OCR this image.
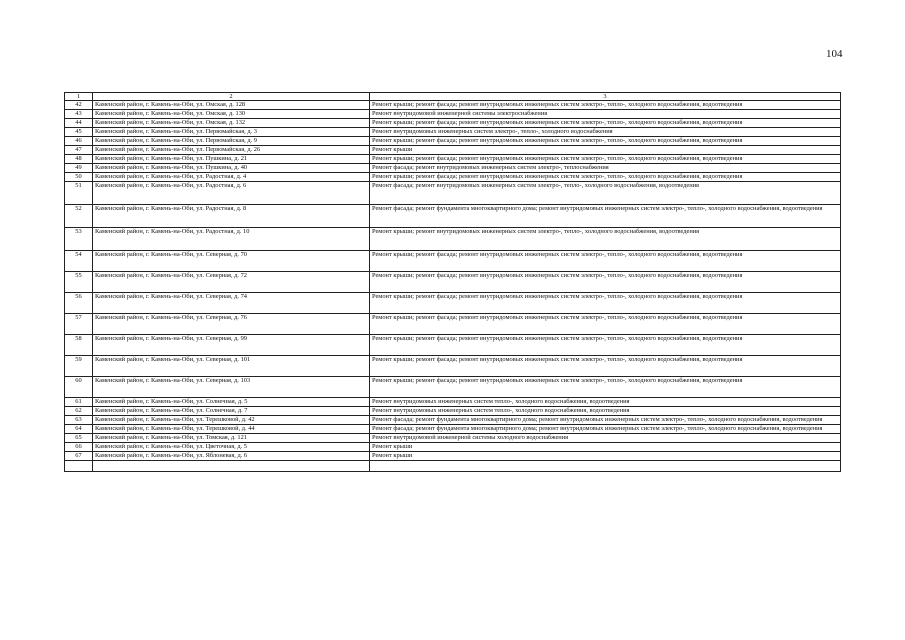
104
1	2	3
42	Каменский район, г. Камень-на-Оби, ул. Омская, д. 128	Ремонт крыши; ремонт фасада; ремонт внутридомовых инженерных систем электро-, тепло-, холодного водоснабжения, водоотведения
43	Каменский район, г. Камень-на-Оби, ул. Омская, д. 130	Ремонт внутридомовой инженерной системы электроснабжения
44	Каменский район, г. Камень-на-Оби, ул. Омская, д. 132	Ремонт крыши; ремонт фасада; ремонт внутридомовых инженерных систем электро-, тепло-, холодного водоснабжения, водоотведения
45	Каменский район, г. Камень-на-Оби, ул. Первомайская, д. 3	Ремонт внутридомовых инженерных систем электро-, тепло-, холодного водоснабжения
46	Каменский район, г. Камень-на-Оби, ул. Первомайская, д. 9	Ремонт крыши; ремонт фасада; ремонт внутридомовых инженерных систем электро-, тепло-, холодного водоснабжения, водоотведения
47	Каменский район, г. Камень-на-Оби, ул. Первомайская, д. 26	Ремонт крыши
48	Каменский район, г. Камень-на-Оби, ул. Пушкина, д. 21	Ремонт крыши; ремонт фасада; ремонт внутридомовых инженерных систем электро-, тепло-, холодного водоснабжения, водоотведения
49	Каменский район, г. Камень-на-Оби, ул. Пушкина, д. 40	Ремонт фасада; ремонт внутридомовых инженерных систем электро-, теплоснабжения
50	Каменский район, г. Камень-на-Оби, ул. Радостная, д. 4	Ремонт крыши; ремонт фасада; ремонт внутридомовых инженерных систем электро-, тепло-, холодного водоснабжения, водоотведения
51	Каменский район, г. Камень-на-Оби, ул. Радостная, д. 6	Ремонт фасада; ремонт внутридомовых инженерных систем электро-, тепло-, холодного водоснабжения, водоотведения
52	Каменский район, г. Камень-на-Оби, ул. Радостная, д. 8	Ремонт фасада; ремонт фундамента многоквартирного дома; ремонт внутридомовых инженерных систем электро-, тепло-, холодного водоснабжения, водоотведения
53	Каменский район, г. Камень-на-Оби, ул. Радостная, д. 10	Ремонт крыши; ремонт внутридомовых инженерных систем электро-, тепло-, холодного водоснабжения, водоотведения
54	Каменский район, г. Камень-на-Оби, ул. Северная, д. 70	Ремонт крыши; ремонт фасада; ремонт внутридомовых инженерных систем электро-, тепло-, холодного водоснабжения, водоотведения
55	Каменский район, г. Камень-на-Оби, ул. Северная, д. 72	Ремонт крыши; ремонт фасада; ремонт внутридомовых инженерных систем электро-, тепло-, холодного водоснабжения, водоотведения
56	Каменский район, г. Камень-на-Оби, ул. Северная, д. 74	Ремонт крыши; ремонт фасада; ремонт внутридомовых инженерных систем электро-, тепло-, холодного водоснабжения, водоотведения
57	Каменский район, г. Камень-на-Оби, ул. Северная, д. 76	Ремонт крыши; ремонт фасада; ремонт внутридомовых инженерных систем электро-, тепло-, холодного водоснабжения, водоотведения
58	Каменский район, г. Камень-на-Оби, ул. Северная, д. 99	Ремонт крыши; ремонт фасада; ремонт внутридомовых инженерных систем электро-, тепло-, холодного водоснабжения, водоотведения
59	Каменский район, г. Камень-на-Оби, ул. Северная, д. 101	Ремонт крыши; ремонт фасада; ремонт внутридомовых инженерных систем электро-, тепло-, холодного водоснабжения, водоотведения
60	Каменский район, г. Камень-на-Оби, ул. Северная, д. 103	Ремонт крыши; ремонт фасада; ремонт внутридомовых инженерных систем электро-, тепло-, холодного водоснабжения, водоотведения
61	Каменский район, г. Камень-на-Оби, ул. Солнечная, д. 5	Ремонт внутридомовых инженерных систем тепло-, холодного водоснабжения, водоотведения
62	Каменский район, г. Камень-на-Оби, ул. Солнечная, д. 7	Ремонт внутридомовых инженерных систем тепло-, холодного водоснабжения, водоотведения
63	Каменский район, г. Камень-на-Оби, ул. Терешковой, д. 42	Ремонт фасада; ремонт фундамента многоквартирного дома; ремонт внутридомовых инженерных систем электро-, тепло-, холодного водоснабжения, водоотведения
64	Каменский район, г. Камень-на-Оби, ул. Терешковой, д. 44	Ремонт фасада; ремонт фундамента многоквартирного дома; ремонт внутридомовых инженерных систем электро-, тепло-, холодного водоснабжения, водоотведения
65	Каменский район, г. Камень-на-Оби, ул. Томская, д. 121	Ремонт внутридомовой инженерной системы холодного водоснабжения
66	Каменский район, г. Камень-на-Оби, ул. Цветочная, д. 5	Ремонт крыши
67	Каменский район, г. Камень-на-Оби, ул. Яблоневая, д. 6	Ремонт крыши
